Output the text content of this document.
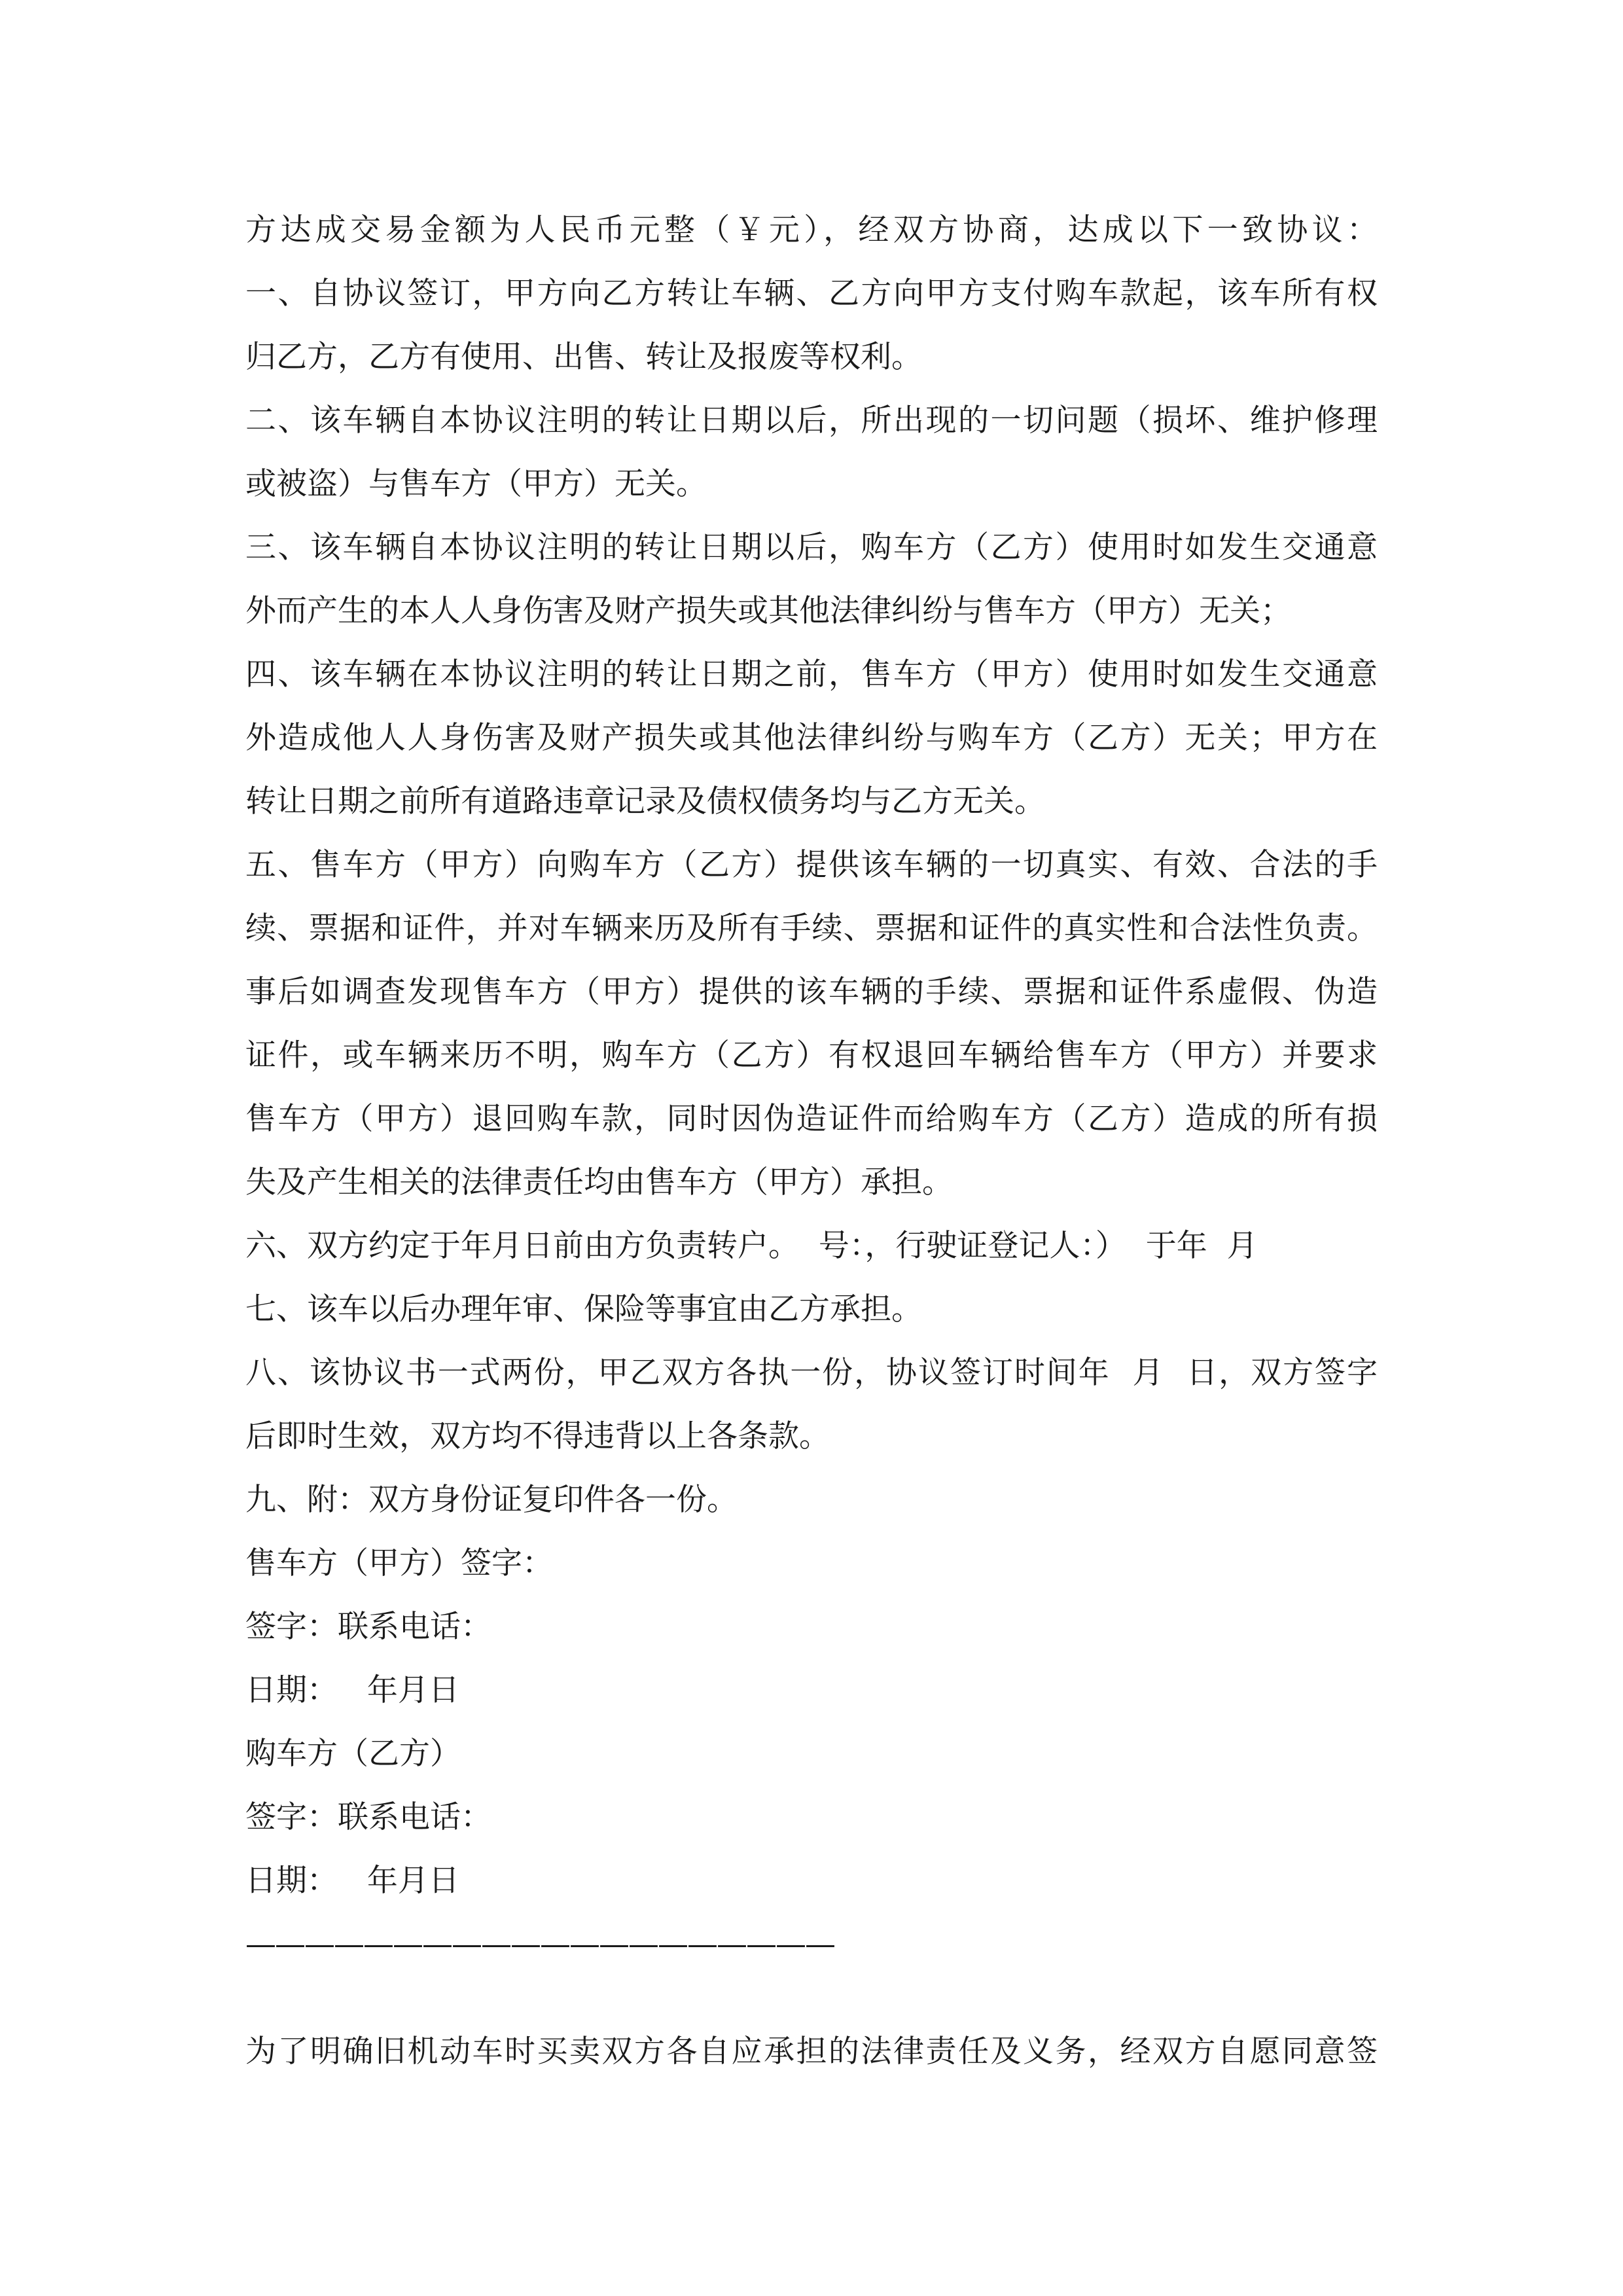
方达成交易金额为人民币元整（￥元），经双方协商，达成以下一致协议：
一、自协议签订，甲方向乙方转让车辆、乙方向甲方支付购车款起，该车所有权
归乙方，乙方有使用、出售、转让及报废等权利。
二、该车辆自本协议注明的转让日期以后，所出现的一切问题（损坏、维护修理
或被盗）与售车方（甲方）无关。
三、该车辆自本协议注明的转让日期以后，购车方（乙方）使用时如发生交通意
外而产生的本人人身伤害及财产损失或其他法律纠纷与售车方（甲方）无关；
四、该车辆在本协议注明的转让日期之前，售车方（甲方）使用时如发生交通意
外造成他人人身伤害及财产损失或其他法律纠纷与购车方（乙方）无关；甲方在
转让日期之前所有道路违章记录及债权债务均与乙方无关。
五、售车方（甲方）向购车方（乙方）提供该车辆的一切真实、有效、合法的手
续、票据和证件，并对车辆来历及所有手续、票据和证件的真实性和合法性负责。
事后如调查发现售车方（甲方）提供的该车辆的手续、票据和证件系虚假、伪造
证件，或车辆来历不明，购车方（乙方）有权退回车辆给售车方（甲方）并要求
售车方（甲方）退回购车款，同时因伪造证件而给购车方（乙方）造成的所有损
失及产生相关的法律责任均由售车方（甲方）承担。
六、双方约定于年月日前由方负责转户。  号：，行驶证登记人：）  于年  月
七、该车以后办理年审、保险等事宜由乙方承担。
八、该协议书一式两份，甲乙双方各执一份，协议签订时间年  月  日，双方签字
后即时生效，双方均不得违背以上各条款。
九、附：双方身份证复印件各一份。
售车方（甲方）签字：
签字：联系电话：
日期：   年月日
购车方（乙方）
签字：联系电话：
日期：   年月日
————————————————————
为了明确旧机动车时买卖双方各自应承担的法律责任及义务，经双方自愿同意签
